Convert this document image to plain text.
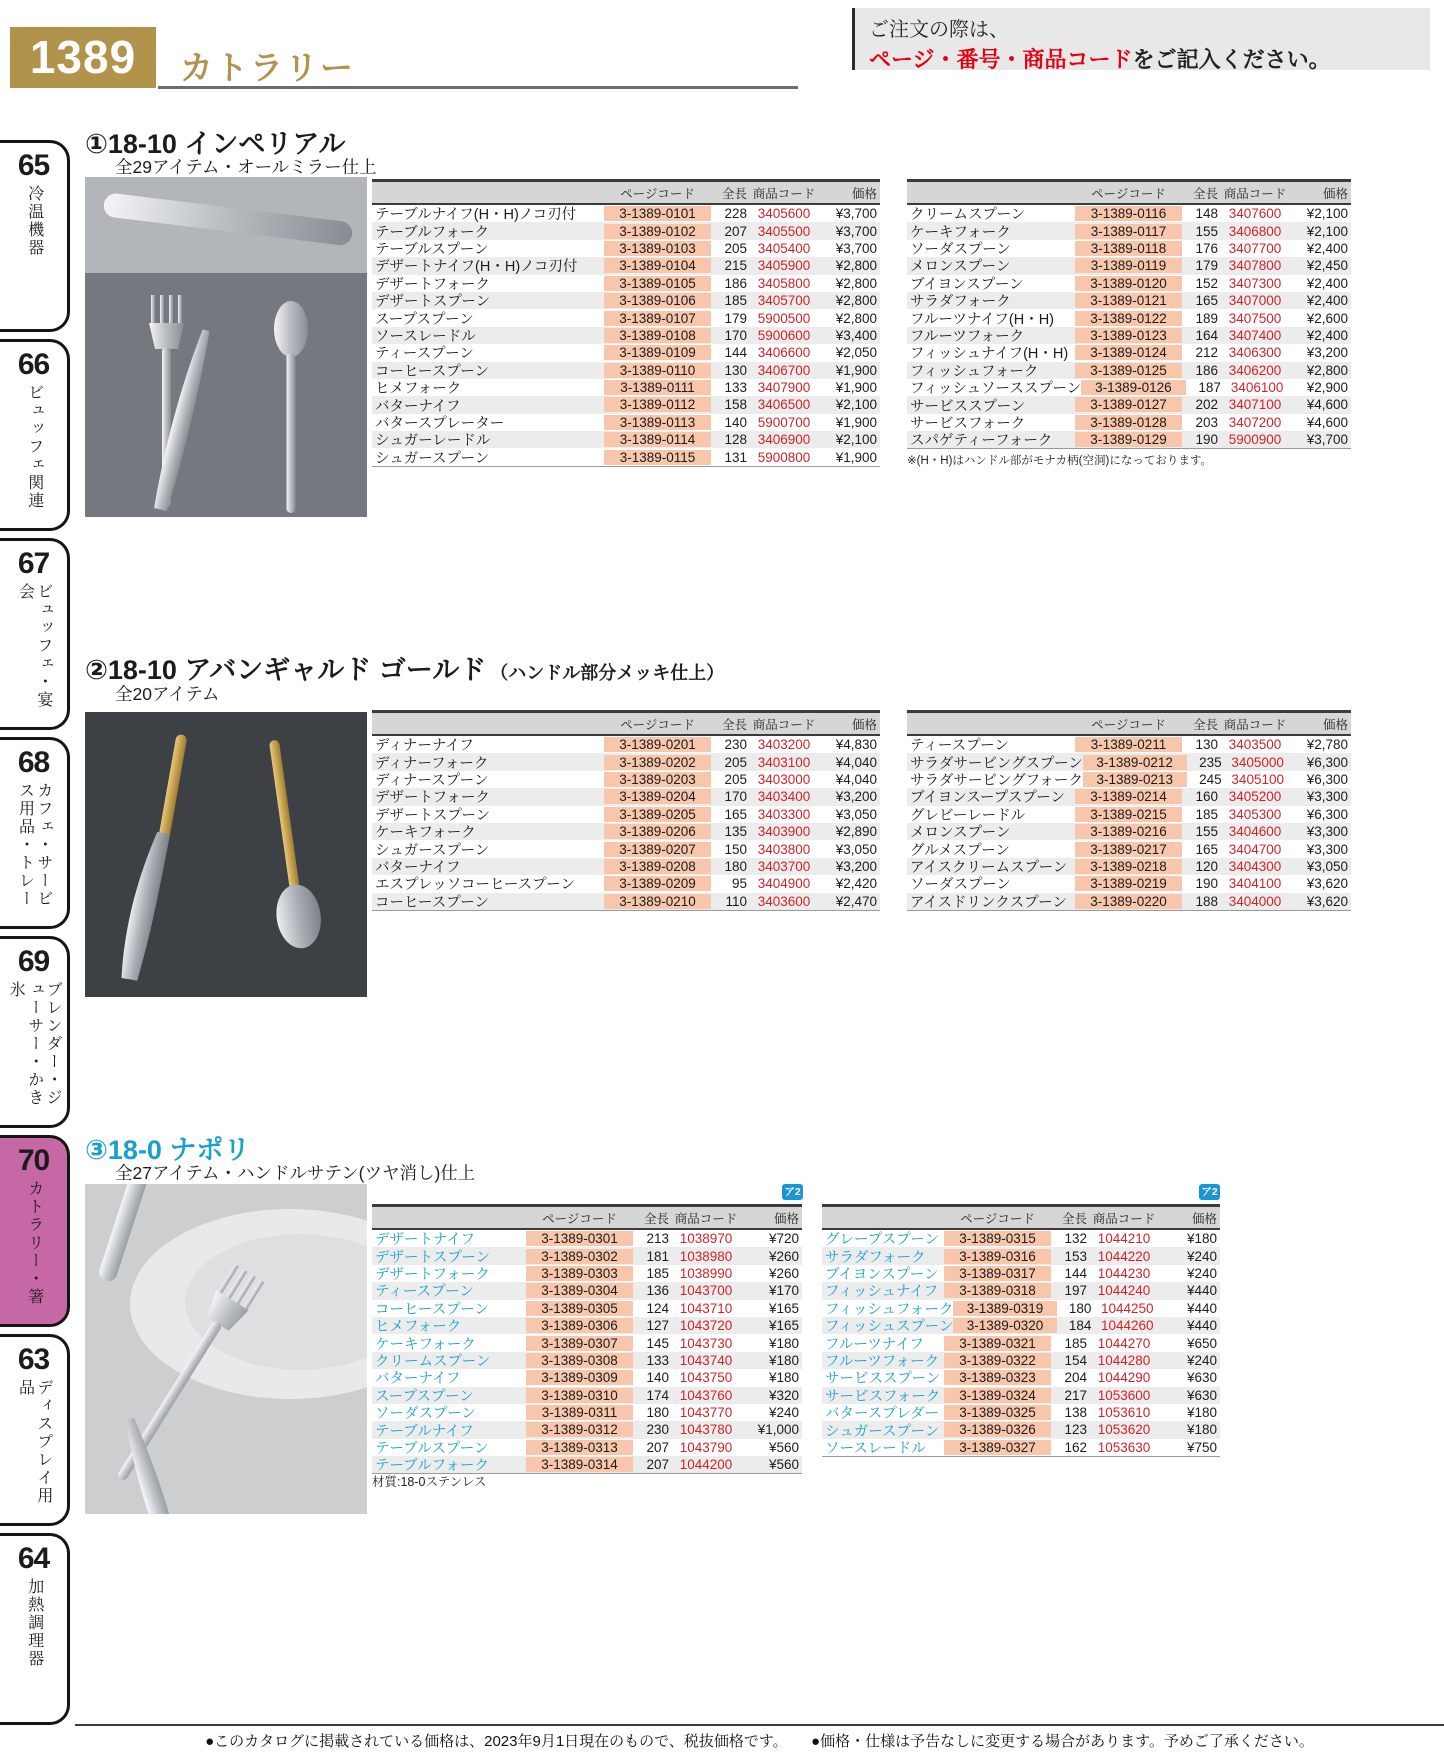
1389	カトラリー
ご注文の際は、
ページ・番号・商品コードをご記入ください。
65
冷温機器
66
ビュッフェ関連
67
ビュッフェ・宴会
68
カフェ・サービス用品・トレー
69
ブレンダー・ジューサー・かき氷
70
カトラリー・箸
63
ディスプレイ用品
64
加熱調理器
①18-10 インペリアル
全29アイテム・オールミラー仕上
ページコード	全長 商品コード	価格
テーブルナイフ(H・H)ノコ刃付	3-1389-0101	228 3405600	¥3,700
テーブルフォーク	3-1389-0102	207 3405500	¥3,700
テーブルスプーン	3-1389-0103	205 3405400	¥3,700
デザートナイフ(H・H)ノコ刃付	3-1389-0104	215 3405900	¥2,800
デザートフォーク	3-1389-0105	186 3405800	¥2,800
デザートスプーン	3-1389-0106	185 3405700	¥2,800
スープスプーン	3-1389-0107	179 5900500	¥2,800
ソースレードル	3-1389-0108	170 5900600	¥3,400
ティースプーン	3-1389-0109	144 3406600	¥2,050
コーヒースプーン	3-1389-0110	130 3406700	¥1,900
ヒメフォーク	3-1389-0111	133 3407900	¥1,900
バターナイフ	3-1389-0112	158 3406500	¥2,100
バタースプレーター	3-1389-0113	140 5900700	¥1,900
シュガーレードル	3-1389-0114	128 3406900	¥2,100
シュガースプーン	3-1389-0115	131 5900800	¥1,900
ページコード	全長 商品コード	価格
クリームスプーン	3-1389-0116	148 3407600	¥2,100
ケーキフォーク	3-1389-0117	155 3406800	¥2,100
ソーダスプーン	3-1389-0118	176 3407700	¥2,400
メロンスプーン	3-1389-0119	179 3407800	¥2,450
ブイヨンスプーン	3-1389-0120	152 3407300	¥2,400
サラダフォーク	3-1389-0121	165 3407000	¥2,400
フルーツナイフ(H・H)	3-1389-0122	189 3407500	¥2,600
フルーツフォーク	3-1389-0123	164 3407400	¥2,400
フィッシュナイフ(H・H)	3-1389-0124	212 3406300	¥3,200
フィッシュフォーク	3-1389-0125	186 3406200	¥2,800
フィッシュソーススプーン	3-1389-0126	187 3406100	¥2,900
サービススプーン	3-1389-0127	202 3407100	¥4,600
サービスフォーク	3-1389-0128	203 3407200	¥4,600
スパゲティーフォーク	3-1389-0129	190 5900900	¥3,700
※(H・H)はハンドル部がモナカ柄(空洞)になっております。
②18-10 アバンギャルド ゴールド （ハンドル部分メッキ仕上）
全20アイテム
ページコード	全長 商品コード	価格
ディナーナイフ	3-1389-0201	230 3403200	¥4,830
ディナーフォーク	3-1389-0202	205 3403100	¥4,040
ディナースプーン	3-1389-0203	205 3403000	¥4,040
デザートフォーク	3-1389-0204	170 3403400	¥3,200
デザートスプーン	3-1389-0205	165 3403300	¥3,050
ケーキフォーク	3-1389-0206	135 3403900	¥2,890
シュガースプーン	3-1389-0207	150 3403800	¥3,050
バターナイフ	3-1389-0208	180 3403700	¥3,200
エスプレッソコーヒースプーン	3-1389-0209	95 3404900	¥2,420
コーヒースプーン	3-1389-0210	110 3403600	¥2,470
ページコード	全長 商品コード	価格
ティースプーン	3-1389-0211	130 3403500	¥2,780
サラダサービングスプーン	3-1389-0212	235 3405000	¥6,300
サラダサービングフォーク	3-1389-0213	245 3405100	¥6,300
ブイヨンスープスプーン	3-1389-0214	160 3405200	¥3,300
グレビーレードル	3-1389-0215	185 3405300	¥6,300
メロンスプーン	3-1389-0216	155 3404600	¥3,300
グルメスプーン	3-1389-0217	165 3404700	¥3,300
アイスクリームスプーン	3-1389-0218	120 3404300	¥3,050
ソーダスプーン	3-1389-0219	190 3404100	¥3,620
アイスドリンクスプーン	3-1389-0220	188 3404000	¥3,620
③18-0 ナポリ
全27アイテム・ハンドルサテン(ツヤ消し)仕上
ア2	ア2
ページコード	全長 商品コード	価格
デザートナイフ	3-1389-0301	213 1038970	¥720
デザートスプーン	3-1389-0302	181 1038980	¥260
デザートフォーク	3-1389-0303	185 1038990	¥260
ティースプーン	3-1389-0304	136 1043700	¥170
コーヒースプーン	3-1389-0305	124 1043710	¥165
ヒメフォーク	3-1389-0306	127 1043720	¥165
ケーキフォーク	3-1389-0307	145 1043730	¥180
クリームスプーン	3-1389-0308	133 1043740	¥180
バターナイフ	3-1389-0309	140 1043750	¥180
スープスプーン	3-1389-0310	174 1043760	¥320
ソーダスプーン	3-1389-0311	180 1043770	¥240
テーブルナイフ	3-1389-0312	230 1043780	¥1,000
テーブルスプーン	3-1389-0313	207 1043790	¥560
テーブルフォーク	3-1389-0314	207 1044200	¥560
ページコード	全長 商品コード	価格
グレープスプーン	3-1389-0315	132 1044210	¥180
サラダフォーク	3-1389-0316	153 1044220	¥240
ブイヨンスプーン	3-1389-0317	144 1044230	¥240
フィッシュナイフ	3-1389-0318	197 1044240	¥440
フィッシュフォーク 3-1389-0319	180 1044250	¥440
フィッシュスプーン 3-1389-0320	184 1044260	¥440
フルーツナイフ	3-1389-0321	185 1044270	¥650
フルーツフォーク	3-1389-0322	154 1044280	¥240
サービススプーン	3-1389-0323	204 1044290	¥630
サービスフォーク	3-1389-0324	217 1053600	¥630
バタースプレダー	3-1389-0325	138 1053610	¥180
シュガースプーン	3-1389-0326	123 1053620	¥180
ソースレードル	3-1389-0327	162 1053630	¥750
材質:18-0ステンレス
●このカタログに掲載されている価格は、2023年9月1日現在のもので、税抜価格です。 　 ●価格・仕様は予告なしに変更する場合があります。予めご了承ください。
